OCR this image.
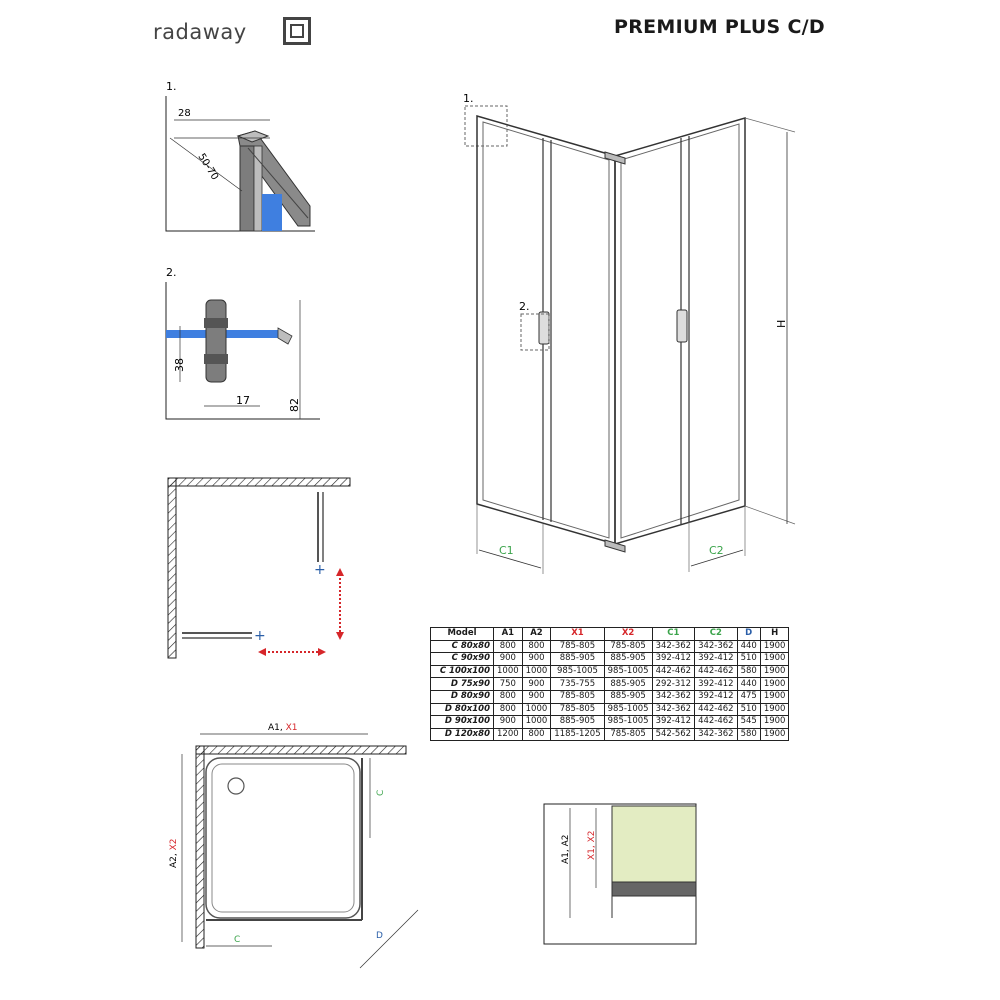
radaway	PREMIUM PLUS C/D
1.
28
50-70
2.
38
17	82
+
+
1.
2.
H
C1	C2
Model	A1	A2	X1	X2	C1	C2	D	H
C 80x80	800	800	785-805	785-805	342-362	342-362	440	1900
C 90x90	900	900	885-905	885-905	392-412	392-412	510	1900
C 100x100	1000	1000	985-1005	985-1005	442-462	442-462	580	1900
D 75x90	750	900	735-755	885-905	292-312	392-412	440	1900
D 80x90	800	900	785-805	885-905	342-362	392-412	475	1900
D 80x100	800	1000	785-805	985-1005	342-362	442-462	510	1900
D 90x100	900	1000	885-905	985-1005	392-412	442-462	545	1900
D 120x80	1200	800	1185-1205	785-805	542-562	342-362	580	1900
A1, X1
A2, X2
C
C	D
A1, A2 X1, X2
